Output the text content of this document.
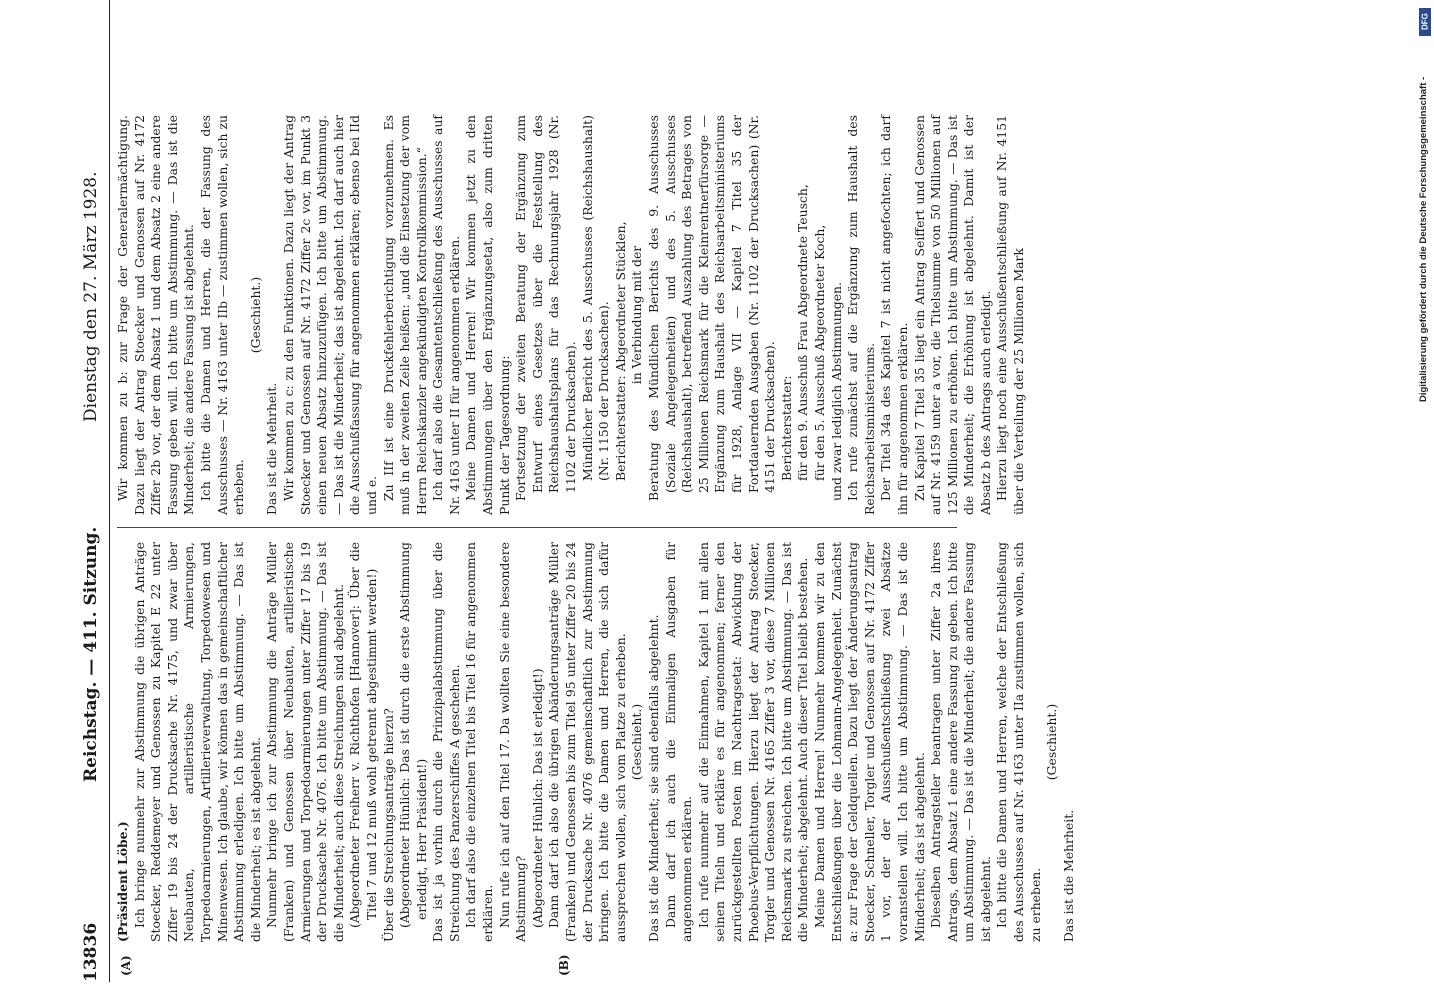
13836
Reichstag. — 411. Sitzung.
Dienstag den 27. März 1928.
(A)	(B)

(Präsident Löbe.) Ich bringe nunmehr zur Abstimmung die übrigen Anträge Stoecker, Reddemeyer und Genossen zu Kapitel E 22 unter Ziffer 19 bis 24 der Drucksache Nr. 4175, und zwar über Neubauten, artilleristische Armierungen, Torpedoarmierungen, Artillerieverwaltung, Torpedowesen und Minenwesen. Ich glaube, wir können das in gemeinschaftlicher Abstimmung erledigen. Ich bitte um Abstimmung. — Das ist die Minderheit; es ist abgelehnt. Nunmehr bringe ich zur Abstimmung die Anträge Müller (Franken) und Genossen über Neubauten, artilleristische Armierungen und Torpedoarmierungen unter Ziffer 17 bis 19 der Drucksache Nr. 4076. Ich bitte um Abstimmung. — Das ist die Minderheit; auch diese Streichungen sind abgelehnt. (Abgeordneter Freiherr v. Richthofen [Hannover]: Über die Titel 7 und 12 muß wohl getrennt abgestimmt werden!) Über die Streichungsanträge hierzu? (Abgeordneter Hünlich: Das ist durch die erste Abstimmung erledigt, Herr Präsident!) Das ist ja vorhin durch die Prinzipalabstimmung über die Streichung des Panzerschiffes A geschehen. Ich darf also die einzelnen Titel bis Titel 16 für angenommen erklären. Nun rufe ich auf den Titel 17. Da wollten Sie eine besondere Abstimmung? (Abgeordneter Hünlich: Das ist erledigt!) Dann darf ich also die übrigen Abänderungsanträge Müller (Franken) und Genossen bis zum Titel 95 unter Ziffer 20 bis 24 der Drucksache Nr. 4076 gemeinschaftlich zur Abstimmung bringen. Ich bitte die Damen und Herren, die sich dafür aussprechen wollen, sich vom Platze zu erheben. (Geschieht.) Das ist die Minderheit; sie sind ebenfalls abgelehnt. Dann darf ich auch die Einmaligen Ausgaben für angenommen erklären. Ich rufe nunmehr auf die Einnahmen, Kapitel 1 mit allen seinen Titeln und erkläre es für angenommen; ferner den zurückgestellten Posten im Nachtragsetat: Abwicklung der Phoebus-Verpflichtungen. Hierzu liegt der Antrag Stoecker, Torgler und Genossen Nr. 4165 Ziffer 3 vor, diese 7 Millionen Reichsmark zu streichen. Ich bitte um Abstimmung. — Das ist die Minderheit; abgelehnt. Auch dieser Titel bleibt bestehen. Meine Damen und Herren! Nunmehr kommen wir zu den Entschließungen über die Lohmann-Angelegenheit. Zunächst a: zur Frage der Geldquellen. Dazu liegt der Änderungsantrag Stoecker, Schneller, Torgler und Genossen auf Nr. 4172 Ziffer 1 vor, der der Ausschußentschließung zwei Absätze voranstellen will. Ich bitte um Abstimmung. — Das ist die Minderheit; das ist abgelehnt. Dieselben Antragsteller beantragen unter Ziffer 2a ihres Antrags, dem Absatz 1 eine andere Fassung zu geben. Ich bitte um Abstimmung. — Das ist die Minderheit; die andere Fassung ist abgelehnt. Ich bitte die Damen und Herren, welche der Entschließung des Ausschusses auf Nr. 4163 unter IIa zustimmen wollen, sich zu erheben.

(Geschieht.)

Das ist die Mehrheit.

Wir kommen zu b: zur Frage der Generalermächtigung. Dazu liegt der Antrag Stoecker und Genossen auf Nr. 4172 Ziffer 2b vor, der dem Absatz 1 und dem Absatz 2 eine andere Fassung geben will. Ich bitte um Abstimmung. — Das ist die Minderheit; die andere Fassung ist abgelehnt. Ich bitte die Damen und Herren, die der Fassung des Ausschusses — Nr. 4163 unter IIb — zustimmen wollen, sich zu erheben.

(Geschieht.)

Das ist die Mehrheit. Wir kommen zu c: zu den Funktionen. Dazu liegt der Antrag Stoecker und Genossen auf Nr. 4172 Ziffer 2c vor, im Punkt 3 einen neuen Absatz hinzuzufügen. Ich bitte um Abstimmung. — Das ist die Minderheit; das ist abgelehnt. Ich darf auch hier die Ausschußfassung für angenommen erklären; ebenso bei IId und e. Zu IIf ist eine Druckfehlerberichtigung vorzunehmen. Es muß in der zweiten Zeile heißen: „und die Einsetzung der vom Herrn Reichskanzler angekündigten Kontrollkommission.“ Ich darf also die Gesamtentschließung des Ausschusses auf Nr. 4163 unter II für angenommen erklären. Meine Damen und Herren! Wir kommen jetzt zu den Abstimmungen über den Ergänzungsetat, also zum dritten Punkt der Tagesordnung: Fortsetzung der zweiten Beratung der Ergänzung zum Entwurf eines Gesetzes über die Feststellung des Reichshaushaltsplans für das Rechnungsjahr 1928 (Nr. 1102 der Drucksachen). Mündlicher Bericht des 5. Ausschusses (Reichshaushalt) (Nr. 1150 der Drucksachen). Berichterstatter: Abgeordneter Stücklen, in Verbindung mit der Beratung des Mündlichen Berichts des 9. Ausschusses (Soziale Angelegenheiten) und des 5. Ausschusses (Reichshaushalt), betreffend Auszahlung des Betrages von 25 Millionen Reichsmark für die Kleinrentnerfürsorge — Ergänzung zum Haushalt des Reichsarbeitsministeriums für 1928, Anlage VII — Kapitel 7 Titel 35 der Fortdauernden Ausgaben (Nr. 1102 der Drucksachen) (Nr. 4151 der Drucksachen). Berichterstatter: für den 9. Ausschuß Frau Abgeordnete Teusch, für den 5. Ausschuß Abgeordneter Koch, und zwar lediglich Abstimmungen. Ich rufe zunächst auf die Ergänzung zum Haushalt des Reichsarbeitsministeriums. Der Titel 34a des Kapitel 7 ist nicht angefochten; ich darf ihn für angenommen erklären. Zu Kapitel 7 Titel 35 liegt ein Antrag Seiffert und Genossen auf Nr. 4159 unter a vor, die Titelsumme von 50 Millionen auf 125 Millionen zu erhöhen. Ich bitte um Abstimmung. — Das ist die Minderheit; die Erhöhung ist abgelehnt. Damit ist der Absatz b des Antrags auch erledigt. Hierzu liegt noch eine Ausschußentschließung auf Nr. 4151 über die Verteilung der 25 Millionen Mark

DFG
Digitalisierung gefördert durch die Deutsche Forschungsgemeinschaft -
